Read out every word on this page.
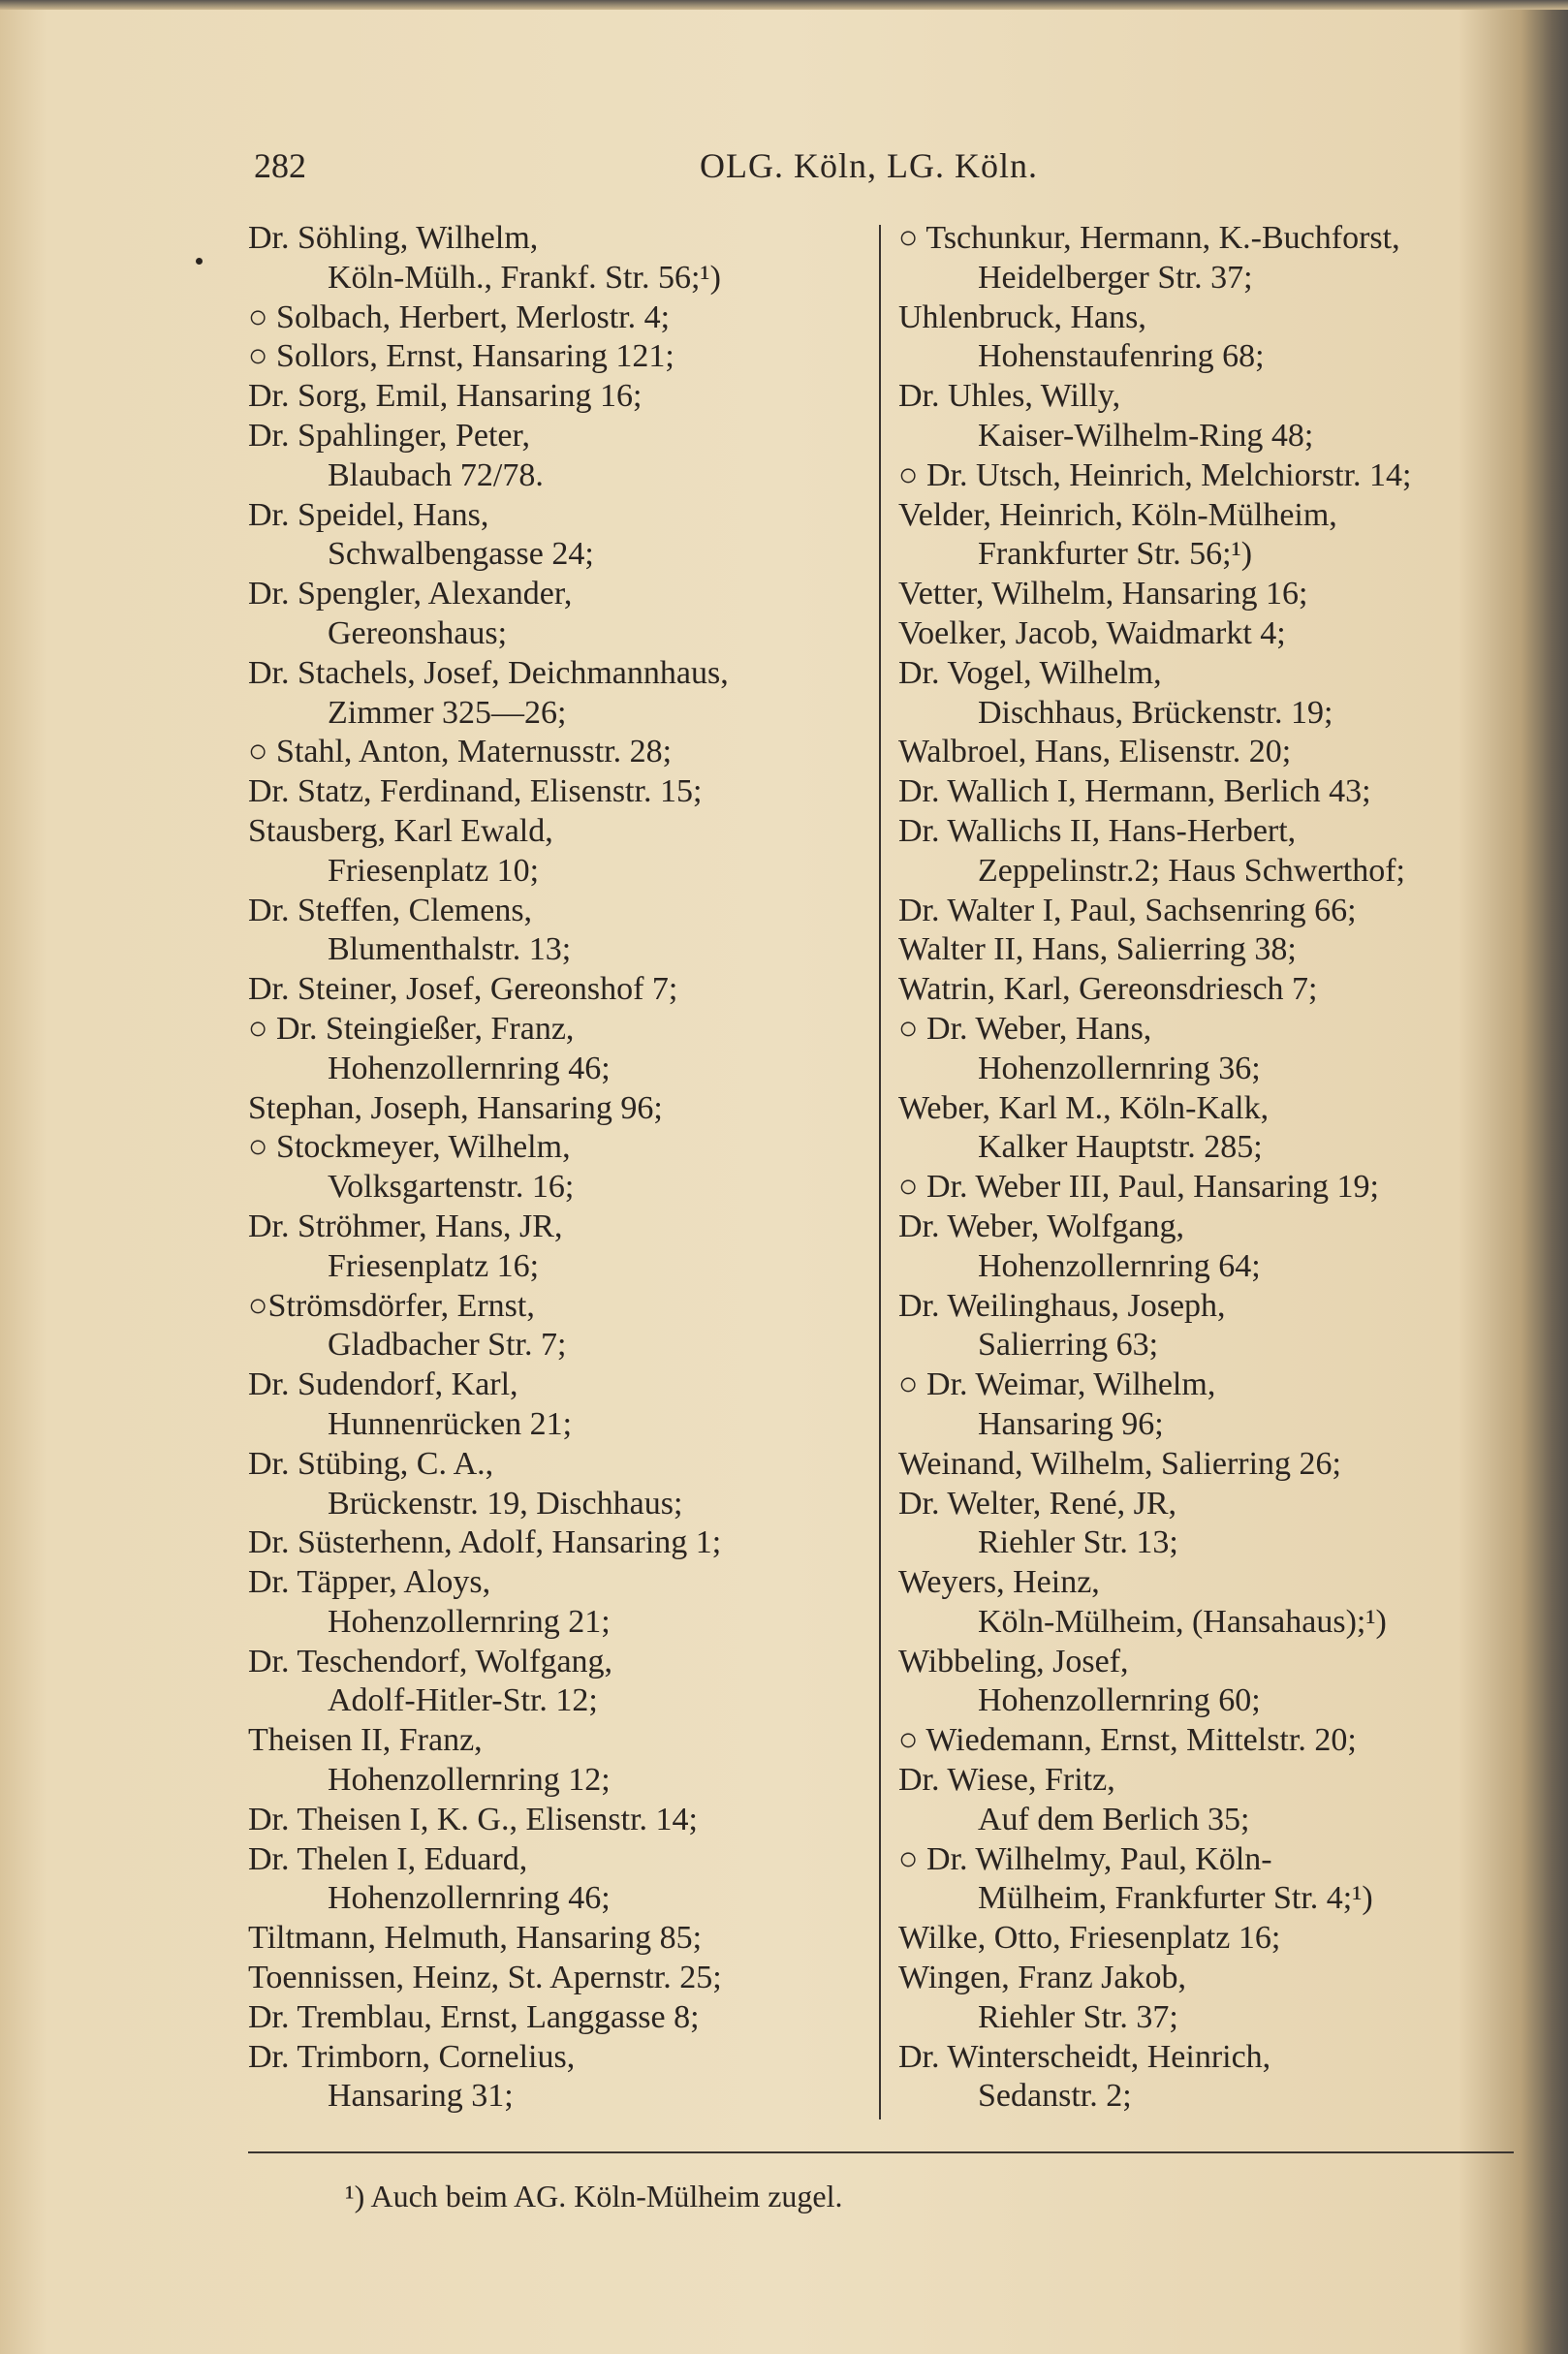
282	OLG. Köln, LG. Köln.
Dr. Söhling, Wilhelm,
Köln-Mülh., Frankf. Str. 56;¹)
○ Solbach, Herbert, Merlostr. 4;
○ Sollors, Ernst, Hansaring 121;
Dr. Sorg, Emil, Hansaring 16;
Dr. Spahlinger, Peter,
Blaubach 72/78.
Dr. Speidel, Hans,
Schwalbengasse 24;
Dr. Spengler, Alexander,
Gereonshaus;
Dr. Stachels, Josef, Deichmannhaus,
Zimmer 325—26;
○ Stahl, Anton, Maternusstr. 28;
Dr. Statz, Ferdinand, Elisenstr. 15;
Stausberg, Karl Ewald,
Friesenplatz 10;
Dr. Steffen, Clemens,
Blumenthalstr. 13;
Dr. Steiner, Josef, Gereonshof 7;
○ Dr. Steingießer, Franz,
Hohenzollernring 46;
Stephan, Joseph, Hansaring 96;
○ Stockmeyer, Wilhelm,
Volksgartenstr. 16;
Dr. Ströhmer, Hans, JR,
Friesenplatz 16;
○Strömsdörfer, Ernst,
Gladbacher Str. 7;
Dr. Sudendorf, Karl,
Hunnenrücken 21;
Dr. Stübing, C. A.,
Brückenstr. 19, Dischhaus;
Dr. Süsterhenn, Adolf, Hansaring 1;
Dr. Täpper, Aloys,
Hohenzollernring 21;
Dr. Teschendorf, Wolfgang,
Adolf-Hitler-Str. 12;
Theisen II, Franz,
Hohenzollernring 12;
Dr. Theisen I, K. G., Elisenstr. 14;
Dr. Thelen I, Eduard,
Hohenzollernring 46;
Tiltmann, Helmuth, Hansaring 85;
Toennissen, Heinz, St. Apernstr. 25;
Dr. Tremblau, Ernst, Langgasse 8;
Dr. Trimborn, Cornelius,
Hansaring 31;
○ Tschunkur, Hermann, K.-Buchforst,
Heidelberger Str. 37;
Uhlenbruck, Hans,
Hohenstaufenring 68;
Dr. Uhles, Willy,
Kaiser-Wilhelm-Ring 48;
○ Dr. Utsch, Heinrich, Melchiorstr. 14;
Velder, Heinrich, Köln-Mülheim,
Frankfurter Str. 56;¹)
Vetter, Wilhelm, Hansaring 16;
Voelker, Jacob, Waidmarkt 4;
Dr. Vogel, Wilhelm,
Dischhaus, Brückenstr. 19;
Walbroel, Hans, Elisenstr. 20;
Dr. Wallich I, Hermann, Berlich 43;
Dr. Wallichs II, Hans-Herbert,
Zeppelinstr.2; Haus Schwerthof;
Dr. Walter I, Paul, Sachsenring 66;
Walter II, Hans, Salierring 38;
Watrin, Karl, Gereonsdriesch 7;
○ Dr. Weber, Hans,
Hohenzollernring 36;
Weber, Karl M., Köln-Kalk,
Kalker Hauptstr. 285;
○ Dr. Weber III, Paul, Hansaring 19;
Dr. Weber, Wolfgang,
Hohenzollernring 64;
Dr. Weilinghaus, Joseph,
Salierring 63;
○ Dr. Weimar, Wilhelm,
Hansaring 96;
Weinand, Wilhelm, Salierring 26;
Dr. Welter, René, JR,
Riehler Str. 13;
Weyers, Heinz,
Köln-Mülheim, (Hansahaus);¹)
Wibbeling, Josef,
Hohenzollernring 60;
○ Wiedemann, Ernst, Mittelstr. 20;
Dr. Wiese, Fritz,
Auf dem Berlich 35;
○ Dr. Wilhelmy, Paul, Köln-
Mülheim, Frankfurter Str. 4;¹)
Wilke, Otto, Friesenplatz 16;
Wingen, Franz Jakob,
Riehler Str. 37;
Dr. Winterscheidt, Heinrich,
Sedanstr. 2;
¹) Auch beim AG. Köln-Mülheim zugel.
